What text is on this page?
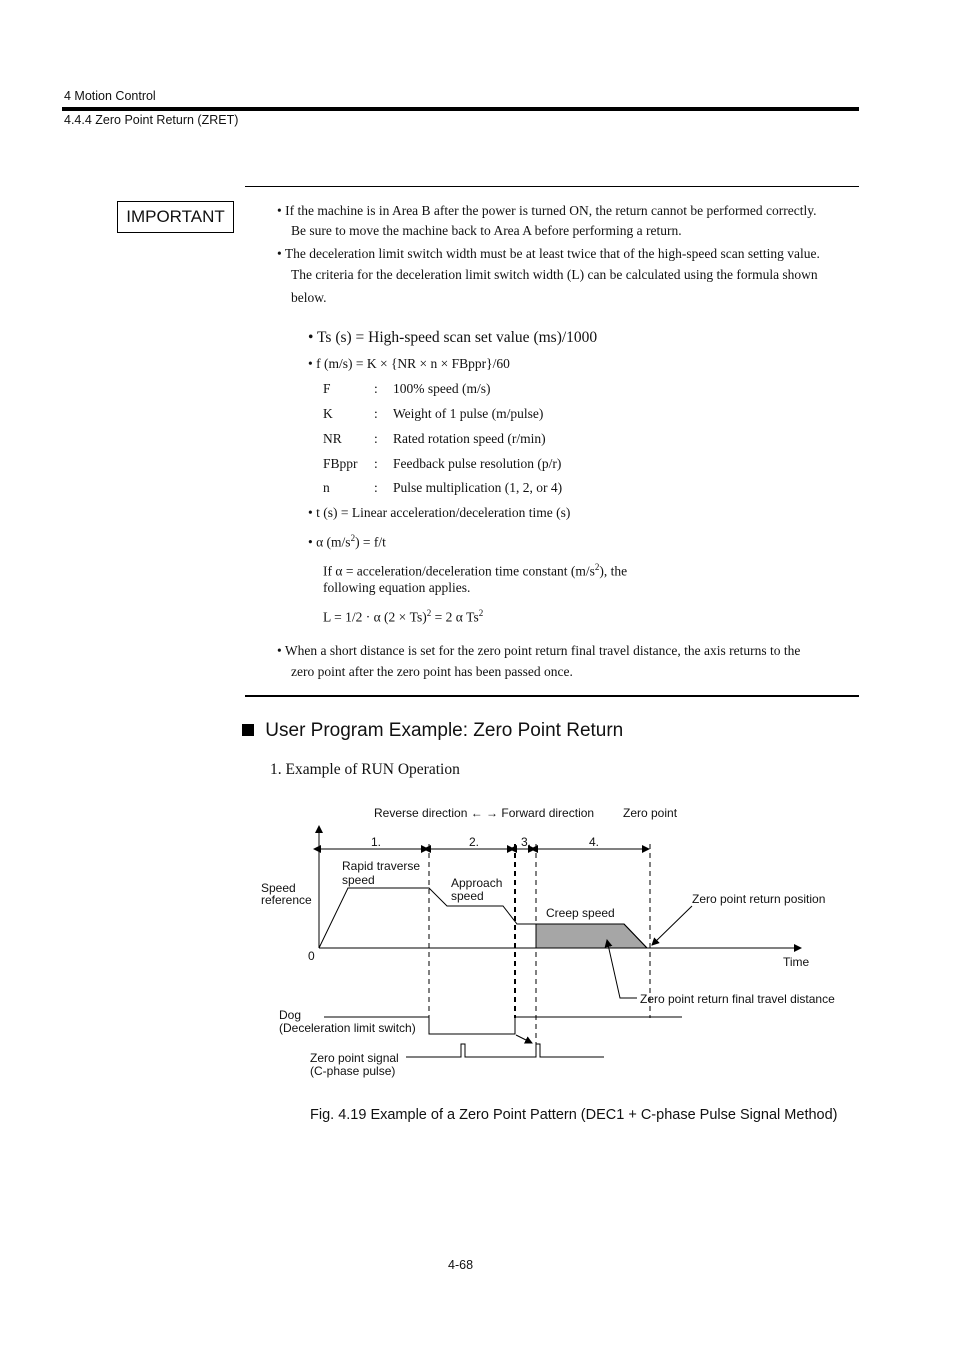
4 Motion Control
4.4.4 Zero Point Return (ZRET)
IMPORTANT	• If the machine is in Area B after the power is turned ON, the return cannot be performed correctly.
Be sure to move the machine back to Area A before performing a return.
• The deceleration limit switch width must be at least twice that of the high-speed scan setting value.
The criteria for the deceleration limit switch width (L) can be calculated using the formula shown
below.
• Ts (s) = High-speed scan set value (ms)/1000
• f (m/s) = K × {NR × n × FBppr}/60
F	: 100% speed (m/s)
K	: Weight of 1 pulse (m/pulse)
NR : Rated rotation speed (r/min)
FBppr : Feedback pulse resolution (p/r)
n	: Pulse multiplication (1, 2, or 4)
• t (s) = Linear acceleration/deceleration time (s)
• α $(m/s^2) = f/t$
If α = acceleration/deceleration time constant $(m/s^2)$, the
following equation applies.
L = 1/2 · α $(2 \times Ts)^2 = 2$ α Ts$^2$
• When a short distance is set for the zero point return final travel distance, the axis returns to the
zero point after the zero point has been passed once.
User Program Example: Zero Point Return
1. Example of RUN Operation
Reverse direction ← → Forward direction Zero point
1.	2.	3.	4.
Rapid traverse
speed	Approach
speed
Creep speed
Speed
reference
0	Time
Zero point return position
Zero point return final travel distance
Dog
(Deceleration limit switch)
Zero point signal
(C-phase pulse)
Fig. 4.19 Example of a Zero Point Pattern (DEC1 + C-phase Pulse Signal Method)
4-68
